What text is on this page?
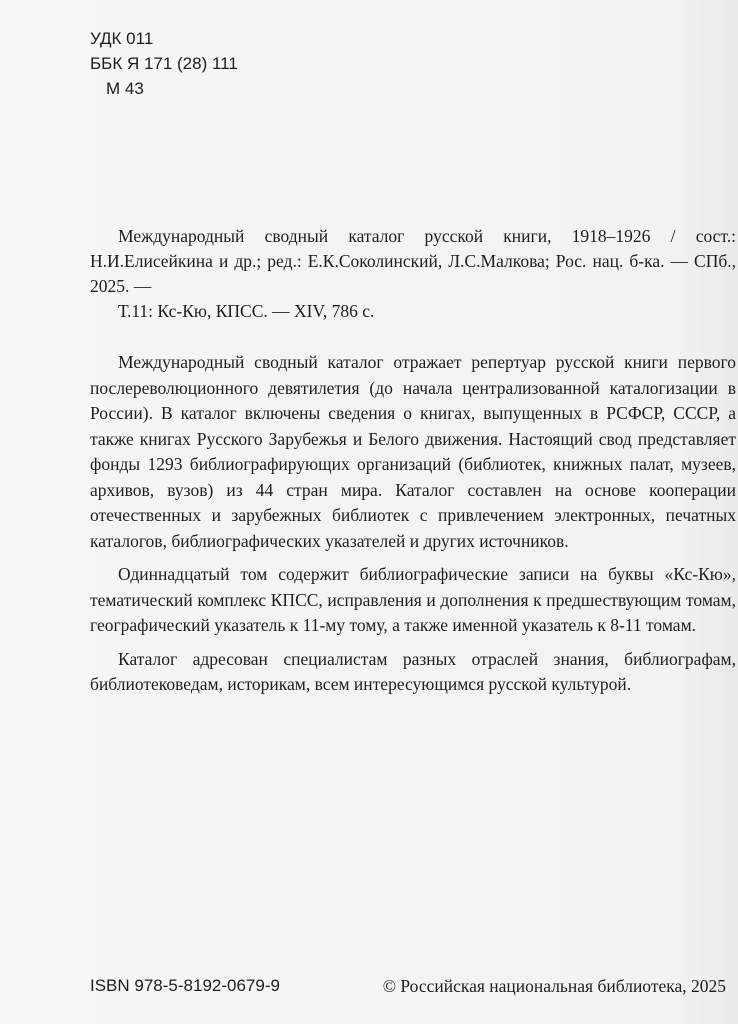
УДК 011
ББК Я 171 (28) 111
М 43

Международный сводный каталог русской книги, 1918–1926 / сост.: Н.И.Елисейкина и др.; ред.: Е.К.Соколинский, Л.С.Малкова; Рос. нац. б-ка. — СПб., 2025. —

Т.11: Кс-Кю, КПСС. — XIV, 786 с.

Международный сводный каталог отражает репертуар русской книги первого послереволюционного девятилетия (до начала централизованной каталогизации в России). В каталог включены сведения о книгах, выпущенных в РСФСР, СССР, а также книгах Русского Зарубежья и Белого движения. Настоящий свод представляет фонды 1293 библиографирующих организаций (библиотек, книжных палат, музеев, архивов, вузов) из 44 стран мира. Каталог составлен на основе кооперации отечественных и зарубежных библиотек с привлечением электронных, печатных каталогов, библиографических указателей и других источников.

Одиннадцатый том содержит библиографические записи на буквы «Кс-Кю», тематический комплекс КПСС, исправления и дополнения к предшествующим томам, географический указатель к 11-му тому, а также именной указатель к 8-11 томам.

Каталог адресован специалистам разных отраслей знания, библиографам, библиотековедам, историкам, всем интересующимся русской культурой.

ISBN 978-5-8192-0679-9	© Российская национальная библиотека, 2025
